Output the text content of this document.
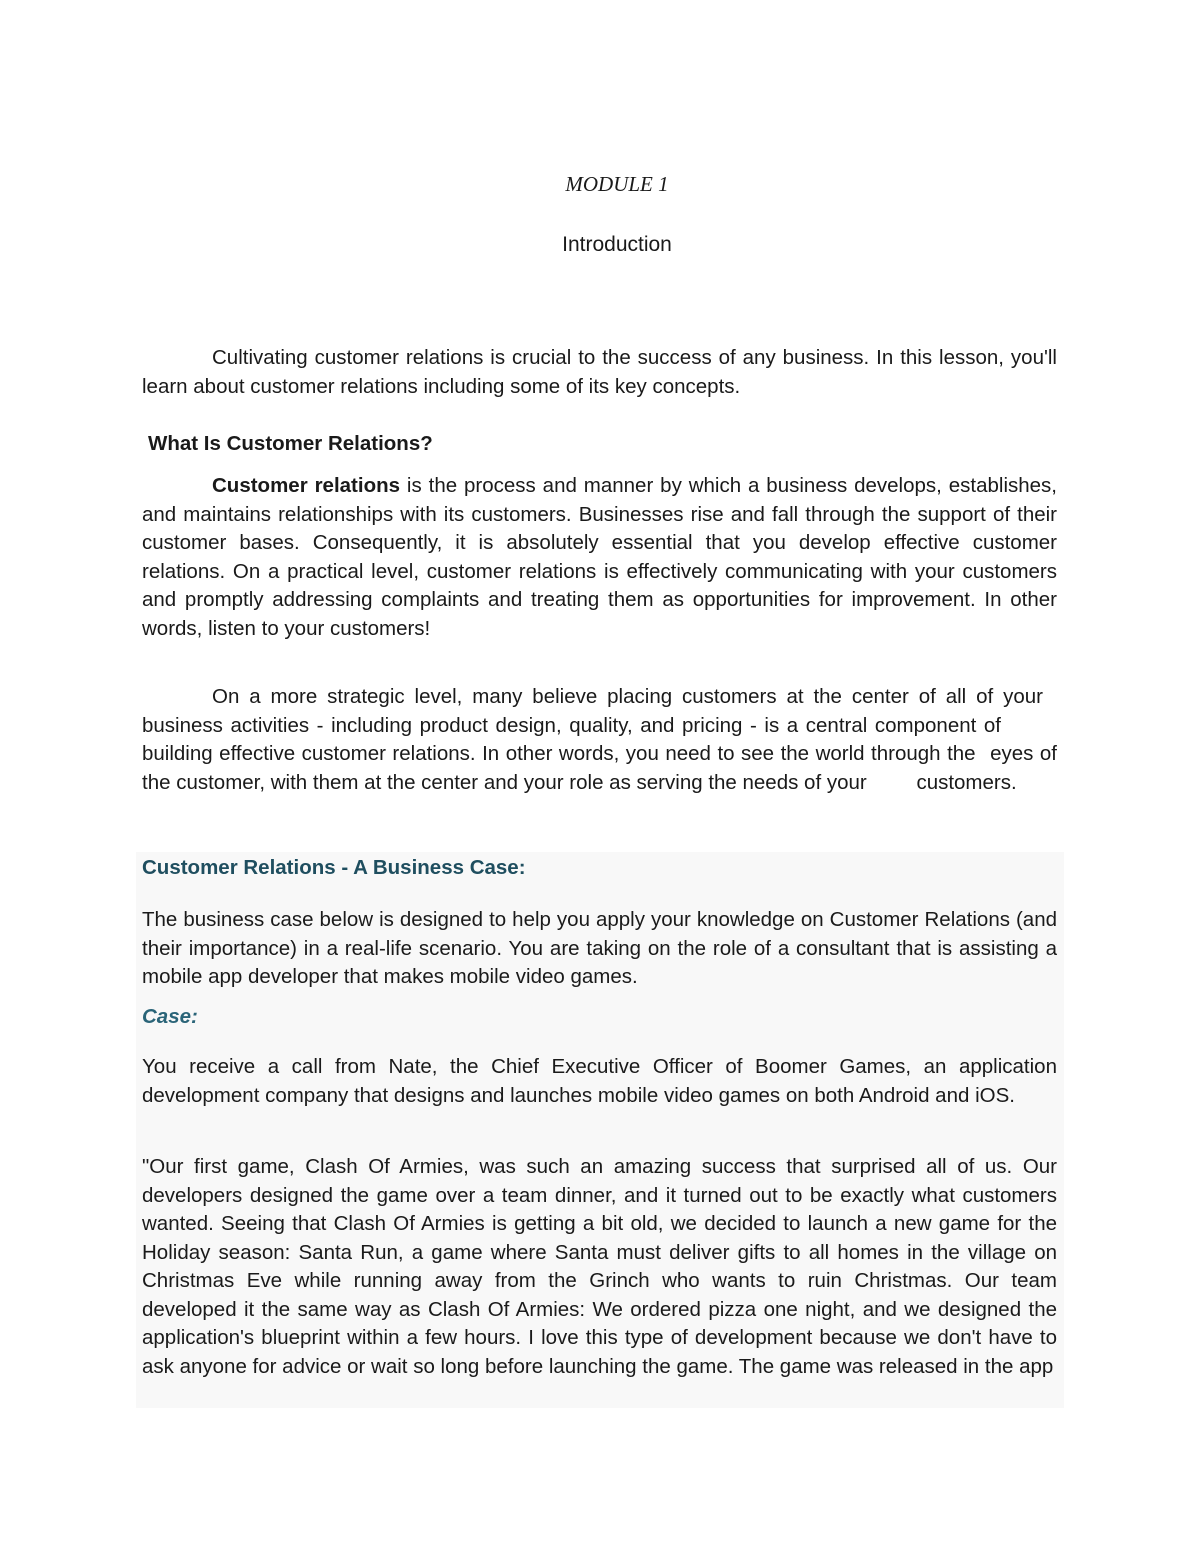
MODULE 1

Introduction

Cultivating customer relations is crucial to the success of any business. In this lesson, you'll learn about customer relations including some of its key concepts.

What Is Customer Relations?

Customer relations is the process and manner by which a business develops, establishes, and maintains relationships with its customers. Businesses rise and fall through the support of their customer bases. Consequently, it is absolutely essential that you develop effective customer relations. On a practical level, customer relations is effectively communicating with your customers and promptly addressing complaints and treating them as opportunities for improvement. In other words, listen to your customers!

On a more strategic level, many believe placing customers at the center of all of your business activities - including product design, quality, and pricing - is a central component of building effective customer relations. In other words, you need to see the world through the eyes of the customer, with them at the center and your role as serving the needs of your customers.

Customer Relations - A Business Case:

The business case below is designed to help you apply your knowledge on Customer Relations (and their importance) in a real-life scenario. You are taking on the role of a consultant that is assisting a mobile app developer that makes mobile video games.

Case:

You receive a call from Nate, the Chief Executive Officer of Boomer Games, an application development company that designs and launches mobile video games on both Android and iOS.

"Our first game, Clash Of Armies, was such an amazing success that surprised all of us. Our developers designed the game over a team dinner, and it turned out to be exactly what customers wanted. Seeing that Clash Of Armies is getting a bit old, we decided to launch a new game for the Holiday season: Santa Run, a game where Santa must deliver gifts to all homes in the village on Christmas Eve while running away from the Grinch who wants to ruin Christmas. Our team developed it the same way as Clash Of Armies: We ordered pizza one night, and we designed the application's blueprint within a few hours. I love this type of development because we don't have to ask anyone for advice or wait so long before launching the game. The game was released in the app
